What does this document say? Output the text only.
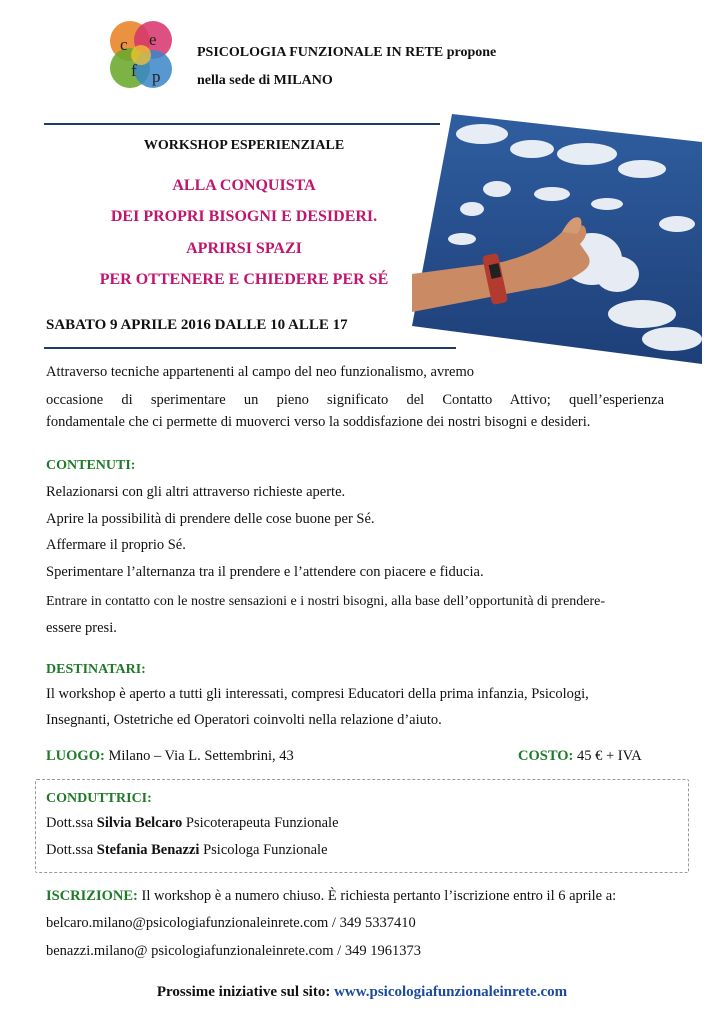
c e
f p
PSICOLOGIA FUNZIONALE IN RETE propone
nella sede di MILANO
WORKSHOP ESPERIENZIALE
ALLA CONQUISTA
DEI PROPRI BISOGNI E DESIDERI.
APRIRSI SPAZI
PER OTTENERE E CHIEDERE PER SÉ
SABATO 9 APRILE 2016 DALLE 10 ALLE 17
Attraverso tecniche appartenenti al campo del neo funzionalismo, avremo
occasione di sperimentare un pieno significato del Contatto Attivo; quell’esperienza
fondamentale che ci permette di muoverci verso la soddisfazione dei nostri bisogni e desideri.
CONTENUTI:
Relazionarsi con gli altri attraverso richieste aperte.
Aprire la possibilità di prendere delle cose buone per Sé.
Affermare il proprio Sé.
Sperimentare l’alternanza tra il prendere e l’attendere con piacere e fiducia.
Entrare in contatto con le nostre sensazioni e i nostri bisogni, alla base dell’opportunità di prendere-
essere presi.
DESTINATARI:
Il workshop è aperto a tutti gli interessati, compresi Educatori della prima infanzia, Psicologi,
Insegnanti, Ostetriche ed Operatori coinvolti nella relazione d’aiuto.
LUOGO: Milano – Via L. Settembrini, 43	COSTO: 45 € + IVA
CONDUTTRICI:
Dott.ssa Silvia Belcaro Psicoterapeuta Funzionale
Dott.ssa Stefania Benazzi Psicologa Funzionale
ISCRIZIONE: Il workshop è a numero chiuso. È richiesta pertanto l’iscrizione entro il 6 aprile a:
belcaro.milano@psicologiafunzionaleinrete.com / 349 5337410
benazzi.milano@ psicologiafunzionaleinrete.com / 349 1961373
Prossime iniziative sul sito: www.psicologiafunzionaleinrete.com
